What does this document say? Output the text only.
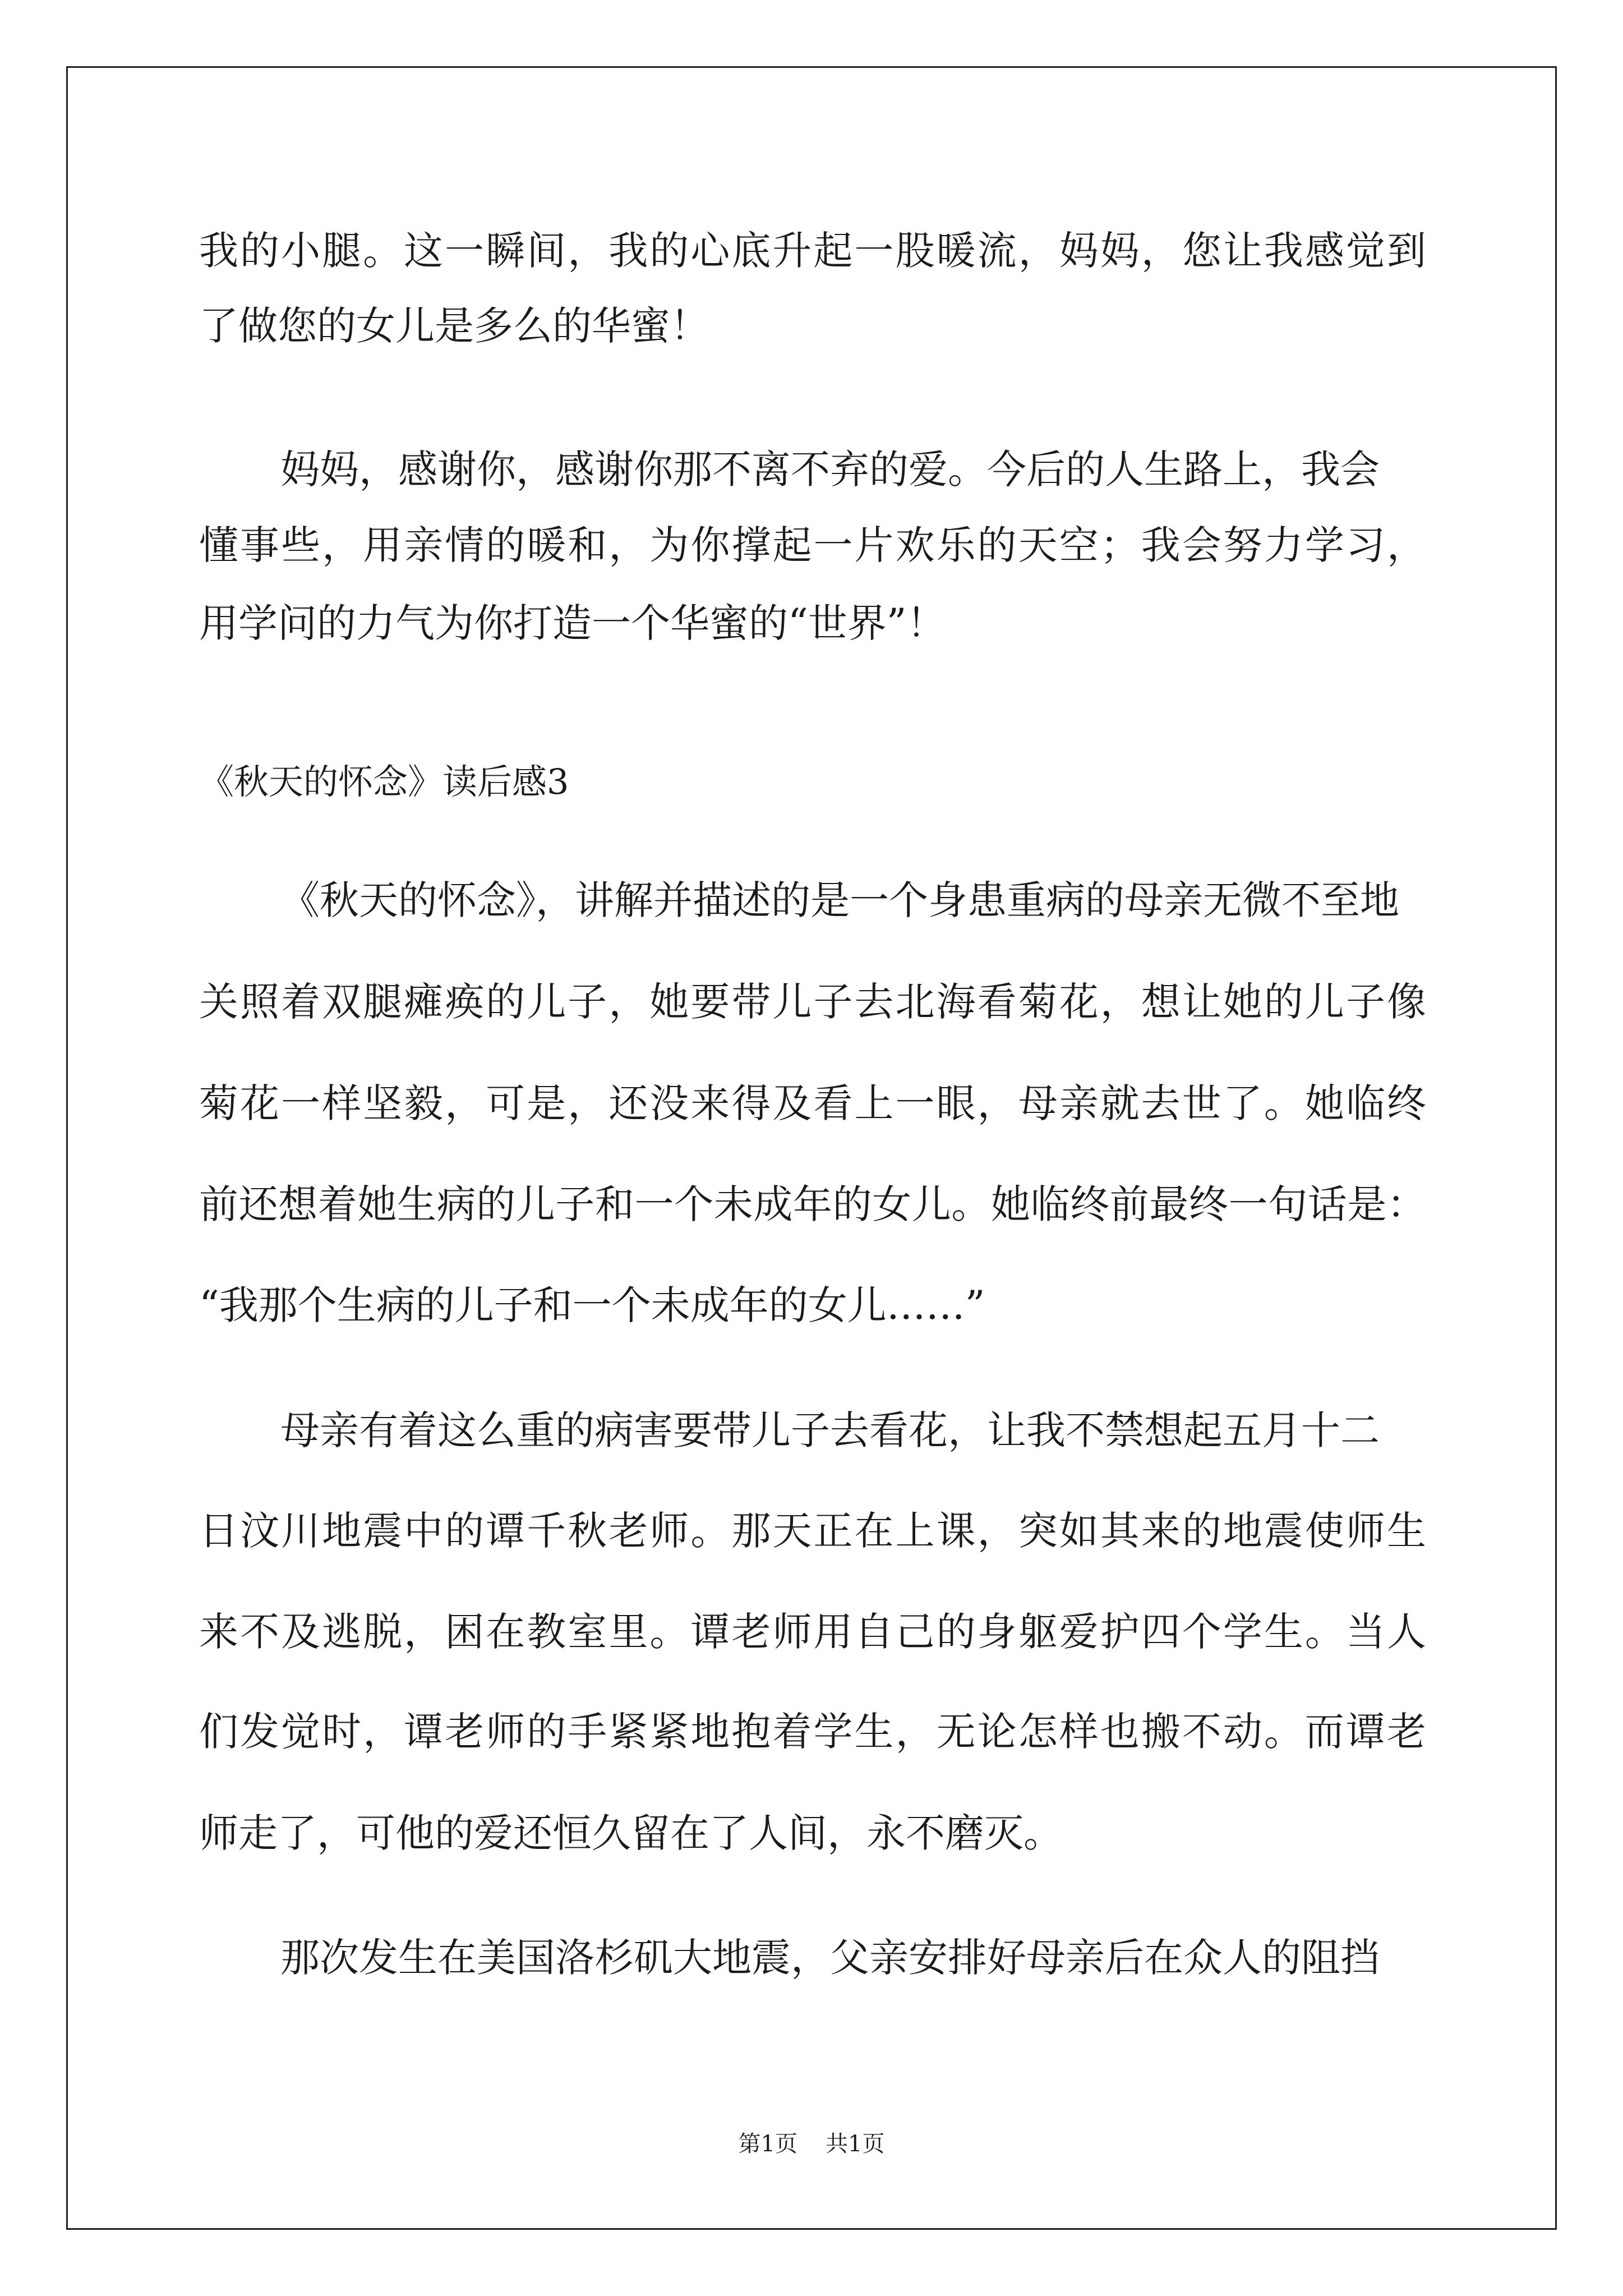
我的小腿。这一瞬间，我的心底升起一股暖流，妈妈，您让我感觉到
了做您的女儿是多么的华蜜！
妈妈，感谢你，感谢你那不离不弃的爱。今后的人生路上，我会
懂事些，用亲情的暖和，为你撑起一片欢乐的天空；我会努力学习，
用学问的力气为你打造一个华蜜的“世界”！
《秋天的怀念》读后感3
《秋天的怀念》，讲解并描述的是一个身患重病的母亲无微不至地
关照着双腿瘫痪的儿子，她要带儿子去北海看菊花，想让她的儿子像
菊花一样坚毅，可是，还没来得及看上一眼，母亲就去世了。她临终
前还想着她生病的儿子和一个未成年的女儿。她临终前最终一句话是：
“我那个生病的儿子和一个未成年的女儿……”
母亲有着这么重的病害要带儿子去看花，让我不禁想起五月十二
日汶川地震中的谭千秋老师。那天正在上课，突如其来的地震使师生
来不及逃脱，困在教室里。谭老师用自己的身躯爱护四个学生。当人
们发觉时，谭老师的手紧紧地抱着学生，无论怎样也搬不动。而谭老
师走了，可他的爱还恒久留在了人间，永不磨灭。
那次发生在美国洛杉矶大地震，父亲安排好母亲后在众人的阻挡
第1页 共1页
